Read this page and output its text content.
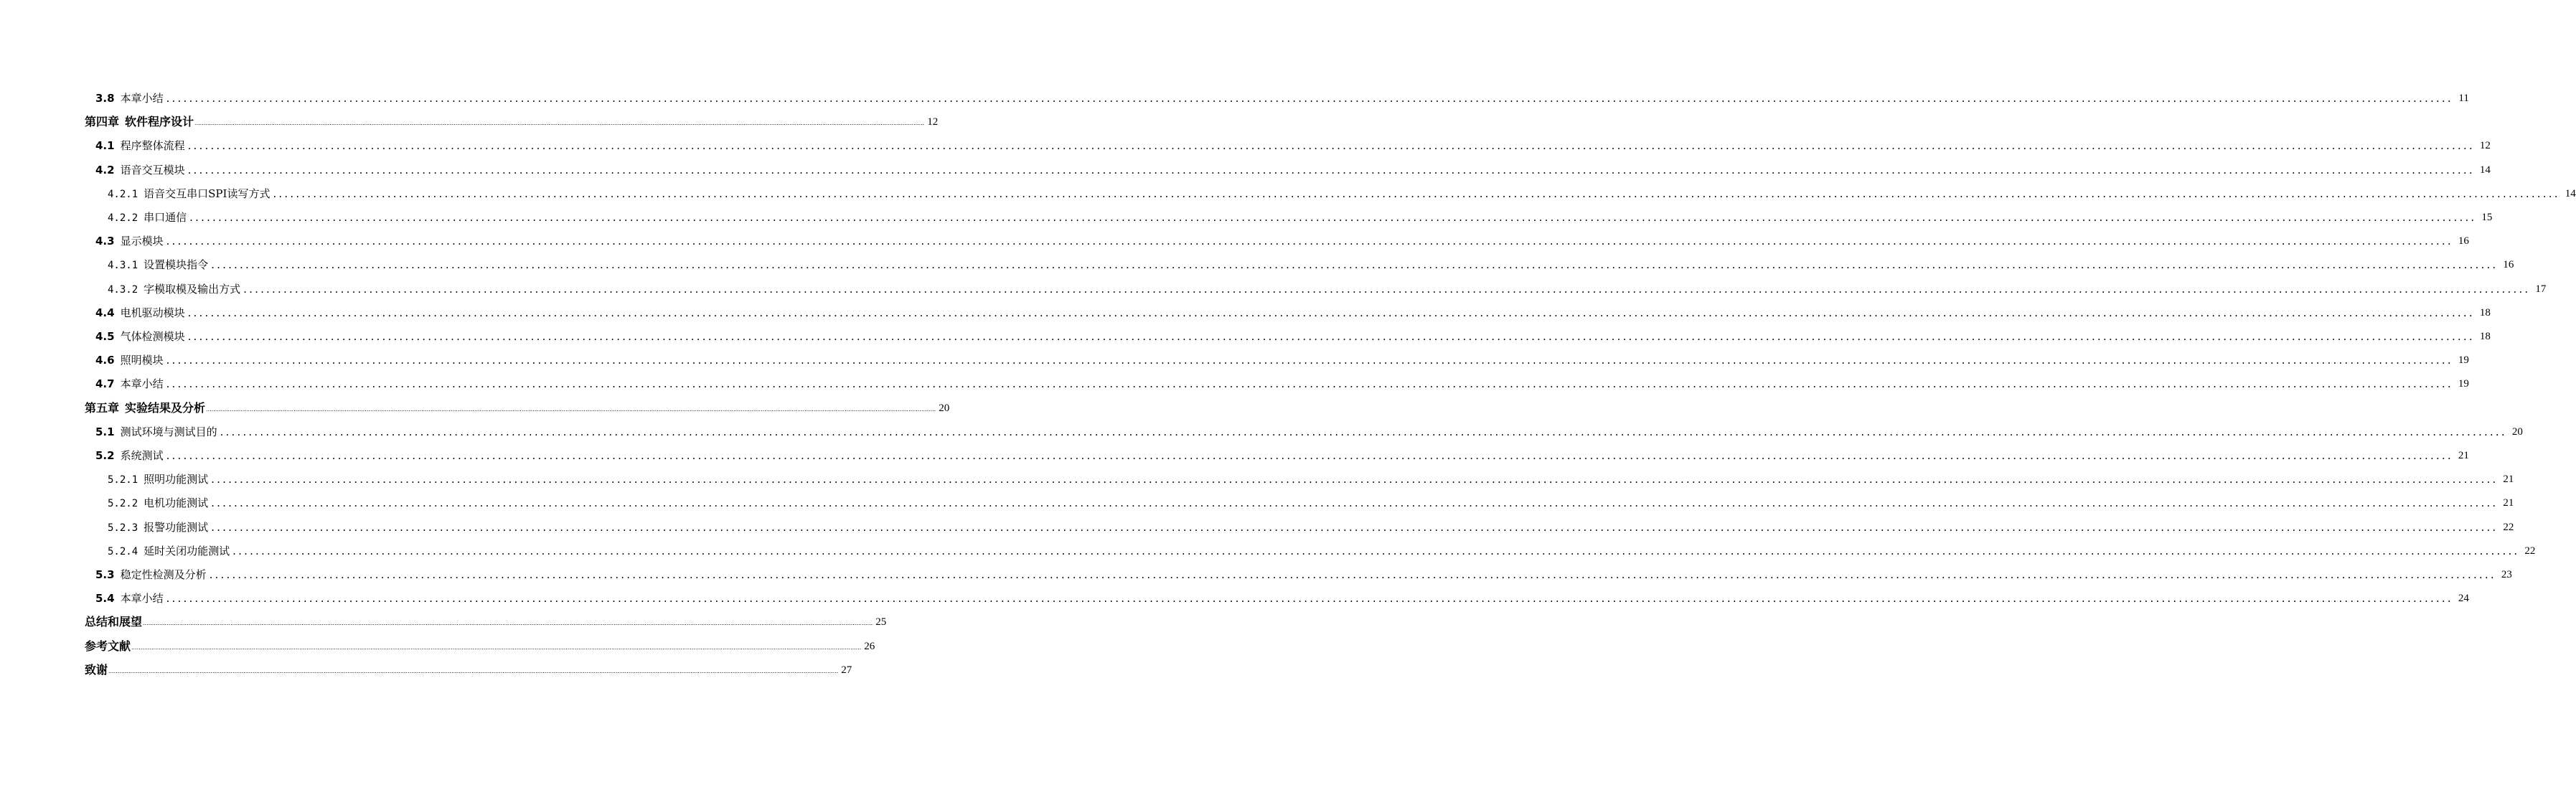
3.8 本章小结 ................................................................................................................................................................................................................................................................................................................................................................................................................ 11
第四章 软件程序设计 ................................................................................................................................................................................................................................................................................................................................................................................................................ 12
4.1 程序整体流程 ................................................................................................................................................................................................................................................................................................................................................................................................................ 12
4.2 语音交互模块 ................................................................................................................................................................................................................................................................................................................................................................................................................ 14
4.2.1 语音交互串口SPI读写方式 ................................................................................................................................................................................................................................................................................................................................................................................................................ 14
4.2.2 串口通信 ................................................................................................................................................................................................................................................................................................................................................................................................................ 15
4.3 显示模块 ................................................................................................................................................................................................................................................................................................................................................................................................................ 16
4.3.1 设置模块指令 ................................................................................................................................................................................................................................................................................................................................................................................................................ 16
4.3.2 字模取模及输出方式 ................................................................................................................................................................................................................................................................................................................................................................................................................ 17
4.4 电机驱动模块 ................................................................................................................................................................................................................................................................................................................................................................................................................ 18
4.5 气体检测模块 ................................................................................................................................................................................................................................................................................................................................................................................................................ 18
4.6 照明模块 ................................................................................................................................................................................................................................................................................................................................................................................................................ 19
4.7 本章小结 ................................................................................................................................................................................................................................................................................................................................................................................................................ 19
第五章 实验结果及分析 ................................................................................................................................................................................................................................................................................................................................................................................................................ 20
5.1 测试环境与测试目的 ................................................................................................................................................................................................................................................................................................................................................................................................................ 20
5.2 系统测试 ................................................................................................................................................................................................................................................................................................................................................................................................................ 21
5.2.1 照明功能测试 ................................................................................................................................................................................................................................................................................................................................................................................................................ 21
5.2.2 电机功能测试 ................................................................................................................................................................................................................................................................................................................................................................................................................ 21
5.2.3 报警功能测试 ................................................................................................................................................................................................................................................................................................................................................................................................................ 22
5.2.4 延时关闭功能测试 ................................................................................................................................................................................................................................................................................................................................................................................................................ 22
5.3 稳定性检测及分析 ................................................................................................................................................................................................................................................................................................................................................................................................................ 23
5.4 本章小结 ................................................................................................................................................................................................................................................................................................................................................................................................................ 24
总结和展望 ................................................................................................................................................................................................................................................................................................................................................................................................................ 25
参考文献 ................................................................................................................................................................................................................................................................................................................................................................................................................ 26
致谢 ................................................................................................................................................................................................................................................................................................................................................................................................................ 27
